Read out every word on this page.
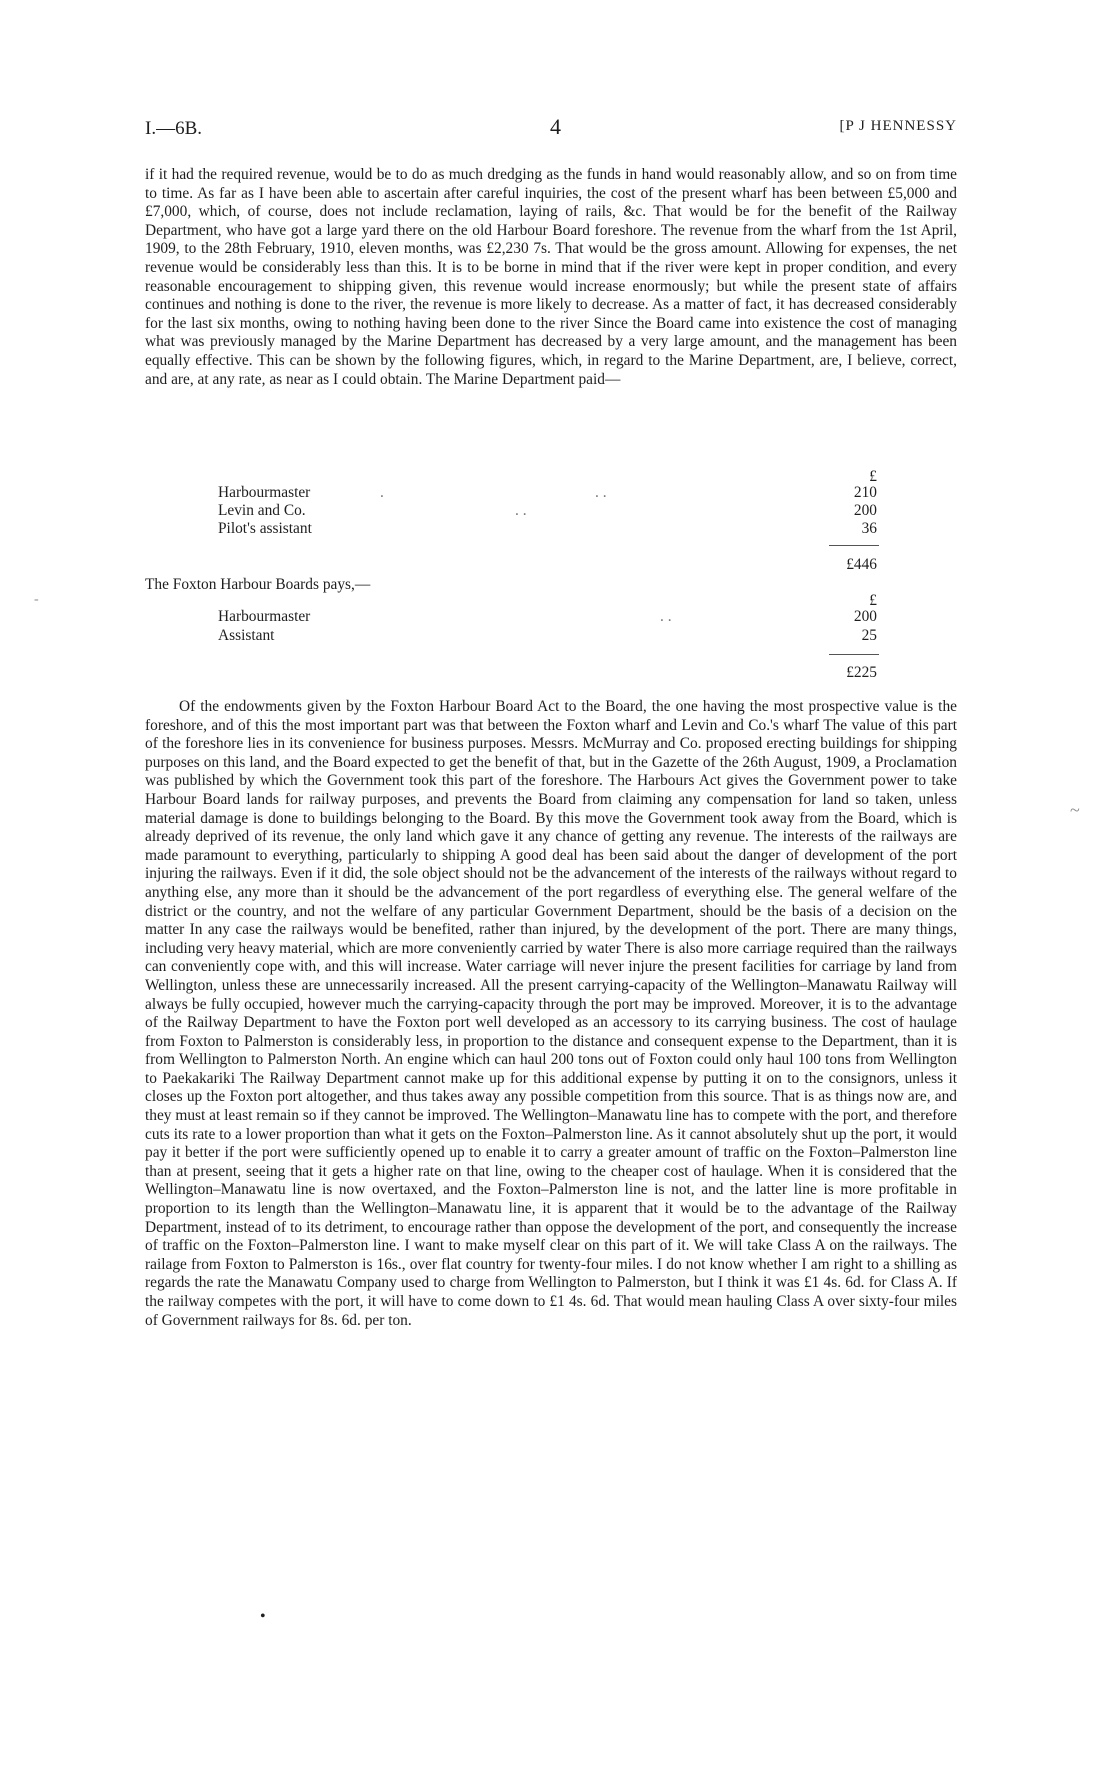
I.—6B.	4	[P J HENNESSY
if it had the required revenue, would be to do as much dredging as the funds in hand would reasonably allow, and so on from time to time. As far as I have been able to ascertain after careful inquiries, the cost of the present wharf has been between £5,000 and £7,000, which, of course, does not include reclamation, laying of rails, &c. That would be for the benefit of the Railway Department, who have got a large yard there on the old Harbour Board foreshore. The revenue from the wharf from the 1st April, 1909, to the 28th February, 1910, eleven months, was £2,230 7s. That would be the gross amount. Allowing for expenses, the net revenue would be considerably less than this. It is to be borne in mind that if the river were kept in proper condition, and every reasonable encouragement to shipping given, this revenue would increase enormously; but while the present state of affairs continues and nothing is done to the river, the revenue is more likely to decrease. As a matter of fact, it has decreased considerably for the last six months, owing to nothing having been done to the river Since the Board came into existence the cost of managing what was previously managed by the Marine Department has decreased by a very large amount, and the management has been equally effective. This can be shown by the following figures, which, in regard to the Marine Department, are, I believe, correct, and are, at any rate, as near as I could obtain. The Marine Department paid—
£
Harbourmaster	.	. .	210
Levin and Co.	. .	200
Pilot's assistant	36
£446
The Foxton Harbour Boards pays,—
£
Harbourmaster	. .	200
Assistant	25
£225
Of the endowments given by the Foxton Harbour Board Act to the Board, the one having the most prospective value is the foreshore, and of this the most important part was that between the Foxton wharf and Levin and Co.'s wharf The value of this part of the foreshore lies in its convenience for business purposes. Messrs. McMurray and Co. proposed erecting buildings for shipping purposes on this land, and the Board expected to get the benefit of that, but in the Gazette of the 26th August, 1909, a Proclamation was published by which the Government took this part of the foreshore. The Harbours Act gives the Government power to take Harbour Board lands for railway purposes, and prevents the Board from claiming any compensation for land so taken, unless material damage is done to buildings belonging to the Board. By this move the Government took away from the Board, which is already deprived of its revenue, the only land which gave it any chance of getting any revenue. The interests of the railways are made paramount to everything, particularly to shipping A good deal has been said about the danger of development of the port injuring the railways. Even if it did, the sole object should not be the advancement of the interests of the railways without regard to anything else, any more than it should be the advancement of the port regardless of everything else. The general welfare of the district or the country, and not the welfare of any particular Government Department, should be the basis of a decision on the matter In any case the railways would be benefited, rather than injured, by the development of the port. There are many things, including very heavy material, which are more conveniently carried by water There is also more carriage required than the railways can conveniently cope with, and this will increase. Water carriage will never injure the present facilities for carriage by land from Wellington, unless these are unnecessarily increased. All the present carrying-capacity of the Wellington–Manawatu Railway will always be fully occupied, however much the carrying-capacity through the port may be improved. Moreover, it is to the advantage of the Railway Department to have the Foxton port well developed as an accessory to its carrying business. The cost of haulage from Foxton to Palmerston is considerably less, in proportion to the distance and consequent expense to the Department, than it is from Wellington to Palmerston North. An engine which can haul 200 tons out of Foxton could only haul 100 tons from Wellington to Paekakariki The Railway Department cannot make up for this additional expense by putting it on to the consignors, unless it closes up the Foxton port altogether, and thus takes away any possible competition from this source. That is as things now are, and they must at least remain so if they cannot be improved. The Wellington–Manawatu line has to compete with the port, and therefore cuts its rate to a lower proportion than what it gets on the Foxton–Palmerston line. As it cannot absolutely shut up the port, it would pay it better if the port were sufficiently opened up to enable it to carry a greater amount of traffic on the Foxton–Palmerston line than at present, seeing that it gets a higher rate on that line, owing to the cheaper cost of haulage. When it is considered that the Wellington–Manawatu line is now overtaxed, and the Foxton–Palmerston line is not, and the latter line is more profitable in proportion to its length than the Wellington–Manawatu line, it is apparent that it would be to the advantage of the Railway Department, instead of to its detriment, to encourage rather than oppose the development of the port, and consequently the increase of traffic on the Foxton–Palmerston line. I want to make myself clear on this part of it. We will take Class A on the railways. The railage from Foxton to Palmerston is 16s., over flat country for twenty-four miles. I do not know whether I am right to a shilling as regards the rate the Manawatu Company used to charge from Wellington to Palmerston, but I think it was £1 4s. 6d. for Class A. If the railway competes with the port, it will have to come down to £1 4s. 6d. That would mean hauling Class A over sixty-four miles of Government railways for 8s. 6d. per ton.
-
~
•
